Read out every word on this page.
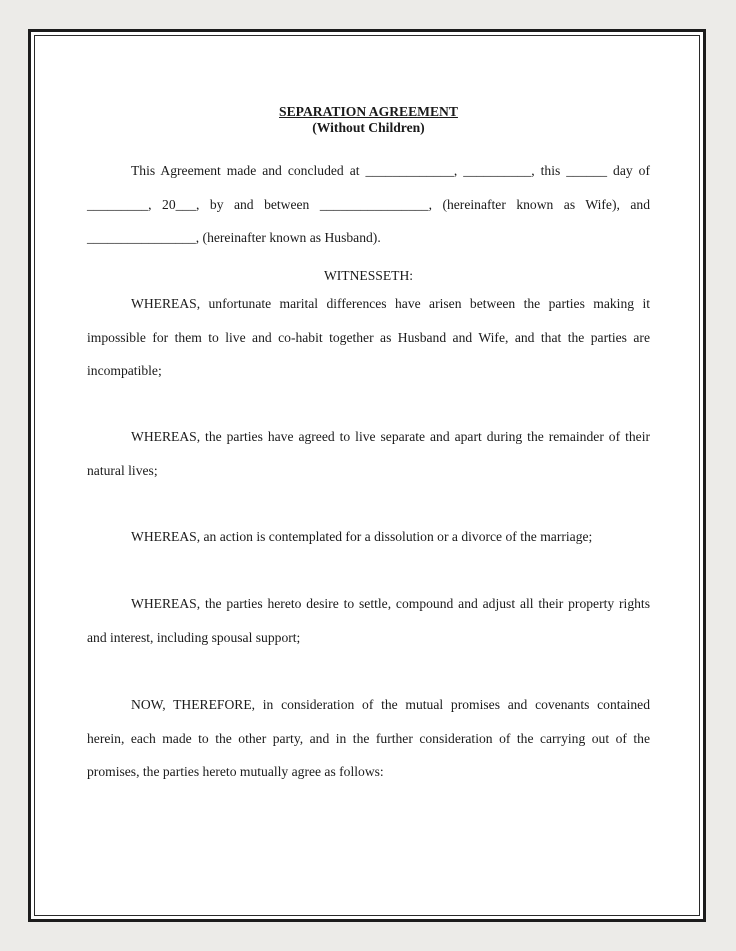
SEPARATION AGREEMENT
(Without Children)
This Agreement made and concluded at _____________, __________, this ______ day of
_________, 20___, by and between ________________, (hereinafter known as Wife), and
________________, (hereinafter known as Husband).
WITNESSETH:
WHEREAS, unfortunate marital differences have arisen between the parties making it
impossible for them to live and co-habit together as Husband and Wife, and that the parties are
incompatible;
WHEREAS, the parties have agreed to live separate and apart during the remainder of their
natural lives;
WHEREAS, an action is contemplated for a dissolution or a divorce of the marriage;
WHEREAS, the parties hereto desire to settle, compound and adjust all their property rights
and interest, including spousal support;
NOW, THEREFORE, in consideration of the mutual promises and covenants contained
herein, each made to the other party, and in the further consideration of the carrying out of the
promises, the parties hereto mutually agree as follows:
